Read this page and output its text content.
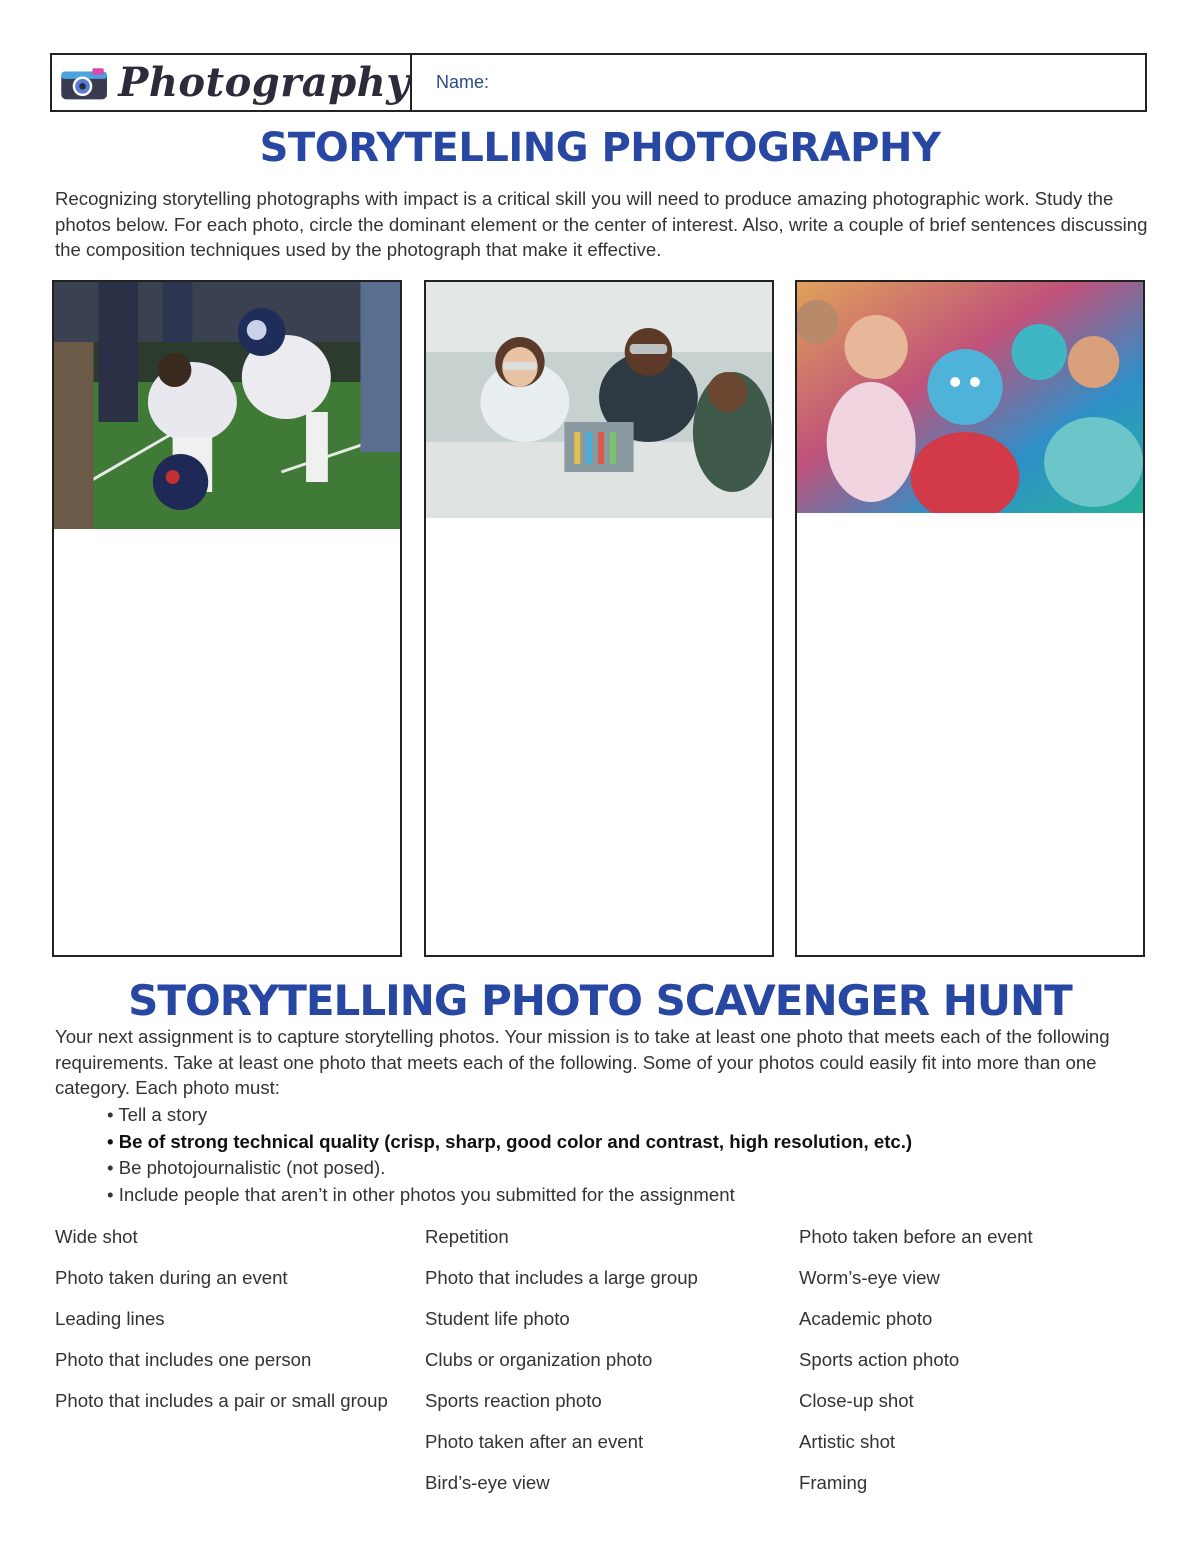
Photography Name:
STORYTELLING PHOTOGRAPHY

Recognizing storytelling photographs with impact is a critical skill you will need to produce amazing photographic work. Study the photos below. For each photo, circle the dominant element or the center of interest. Also, write a couple of brief sentences discussing the composition techniques used by the photograph that make it effective.

STORYTELLING PHOTO SCAVENGER HUNT

Your next assignment is to capture storytelling photos. Your mission is to take at least one photo that meets each of the following requirements. Take at least one photo that meets each of the following. Some of your photos could easily fit into more than one category. Each photo must:

• Tell a story
• Be of strong technical quality (crisp, sharp, good color and contrast, high resolution, etc.)
• Be photojournalistic (not posed).
• Include people that aren’t in other photos you submitted for the assignment
Wide shot
Photo taken during an event
Leading lines
Photo that includes one person
Photo that includes a pair or small group
Repetition
Photo that includes a large group
Student life photo
Clubs or organization photo
Sports reaction photo
Photo taken after an event
Bird’s-eye view
Photo taken before an event
Worm’s-eye view
Academic photo
Sports action photo
Close-up shot
Artistic shot
Framing
